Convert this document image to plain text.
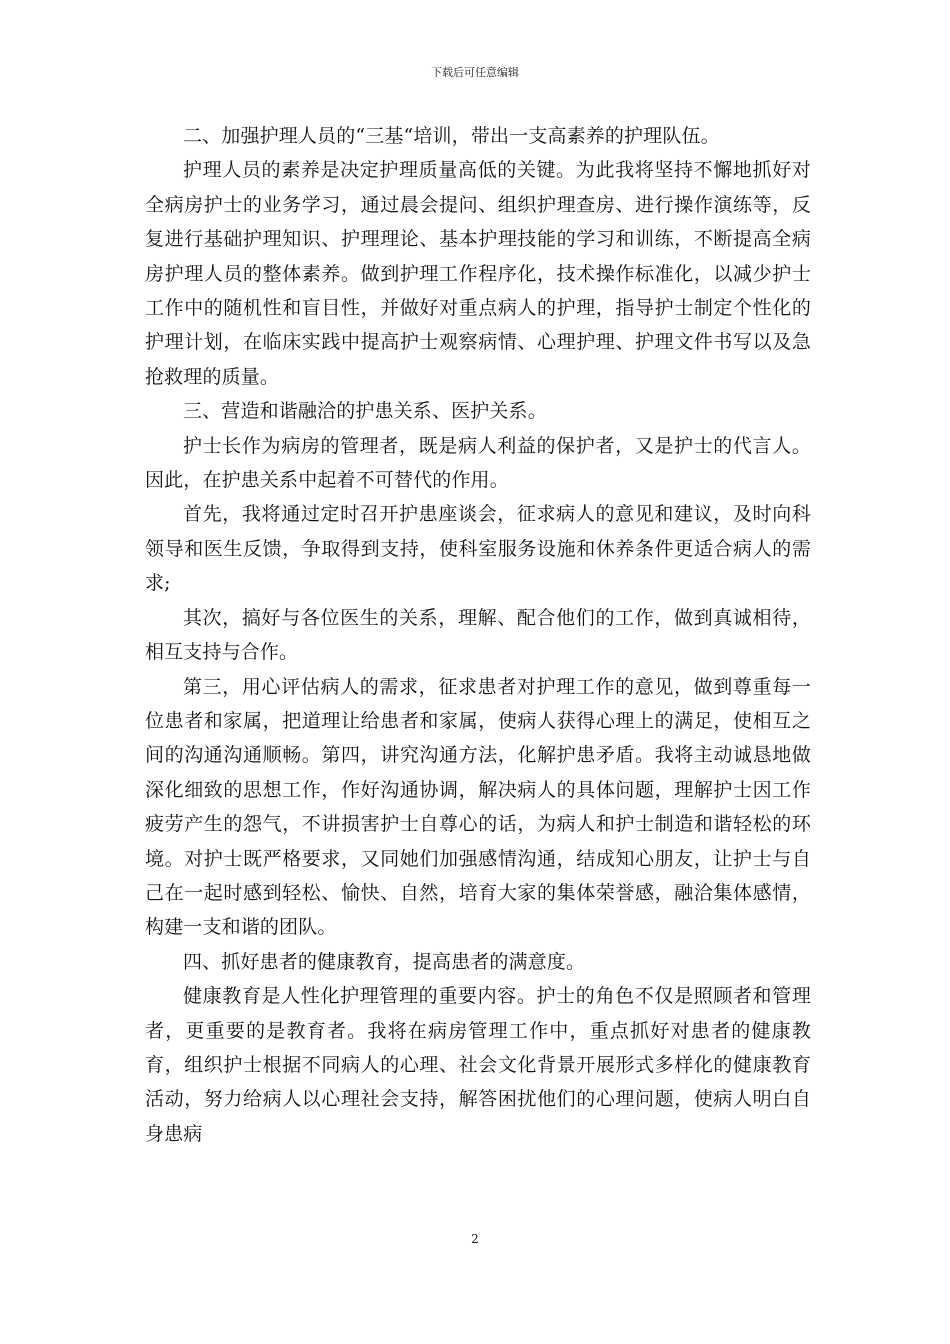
下载后可任意编辑

二、加强护理人员的“三基“培训，带出一支高素养的护理队伍。

护理人员的素养是决定护理质量高低的关键。为此我将坚持不懈地抓好对全病房护士的业务学习，通过晨会提问、组织护理查房、进行操作演练等，反复进行基础护理知识、护理理论、基本护理技能的学习和训练，不断提高全病房护理人员的整体素养。做到护理工作程序化，技术操作标准化，以减少护士工作中的随机性和盲目性，并做好对重点病人的护理，指导护士制定个性化的护理计划，在临床实践中提高护士观察病情、心理护理、护理文件书写以及急抢救理的质量。

三、营造和谐融洽的护患关系、医护关系。

护士长作为病房的管理者，既是病人利益的保护者，又是护士的代言人。因此，在护患关系中起着不可替代的作用。

首先，我将通过定时召开护患座谈会，征求病人的意见和建议，及时向科领导和医生反馈，争取得到支持，使科室服务设施和休养条件更适合病人的需求;

其次，搞好与各位医生的关系，理解、配合他们的工作，做到真诚相待，相互支持与合作。

第三，用心评估病人的需求，征求患者对护理工作的意见，做到尊重每一位患者和家属，把道理让给患者和家属，使病人获得心理上的满足，使相互之间的沟通沟通顺畅。第四，讲究沟通方法，化解护患矛盾。我将主动诚恳地做深化细致的思想工作，作好沟通协调，解决病人的具体问题，理解护士因工作疲劳产生的怨气，不讲损害护士自尊心的话，为病人和护士制造和谐轻松的环境。对护士既严格要求，又同她们加强感情沟通，结成知心朋友，让护士与自己在一起时感到轻松、愉快、自然，培育大家的集体荣誉感，融洽集体感情，构建一支和谐的团队。

四、抓好患者的健康教育，提高患者的满意度。

健康教育是人性化护理管理的重要内容。护士的角色不仅是照顾者和管理者，更重要的是教育者。我将在病房管理工作中，重点抓好对患者的健康教育，组织护士根据不同病人的心理、社会文化背景开展形式多样化的健康教育活动，努力给病人以心理社会支持，解答困扰他们的心理问题，使病人明白自身患病

2
